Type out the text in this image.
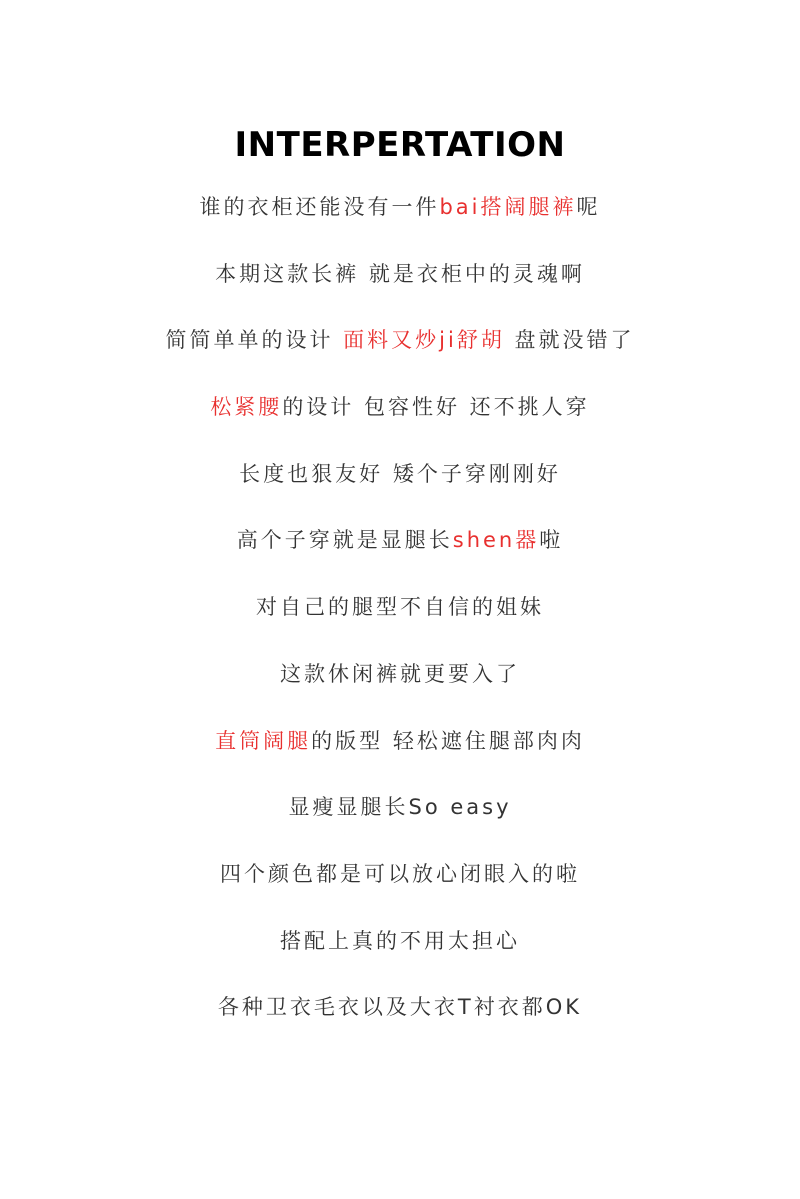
INTERPERTATION
谁的衣柜还能没有一件bai搭阔腿裤呢
本期这款长裤 就是衣柜中的灵魂啊
简简单单的设计 面料又炒ji舒胡 盘就没错了
松紧腰的设计 包容性好 还不挑人穿
长度也狠友好 矮个子穿刚刚好
高个子穿就是显腿长shen器啦
对自己的腿型不自信的姐妹
这款休闲裤就更要入了
直筒阔腿的版型 轻松遮住腿部肉肉
显瘦显腿长So easy
四个颜色都是可以放心闭眼入的啦
搭配上真的不用太担心
各种卫衣毛衣以及大衣T衬衣都OK
